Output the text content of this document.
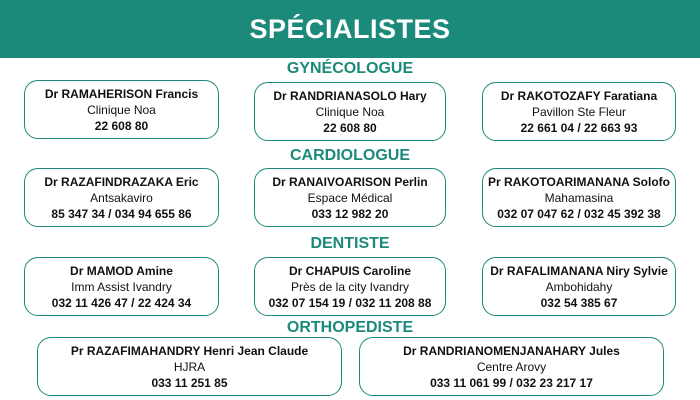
SPÉCIALISTES
GYNÉCOLOGUE
Dr RAMAHERISON Francis
Clinique Noa
22 608 80
Dr RANDRIANASOLO Hary
Clinique Noa
22 608 80
Dr RAKOTOZAFY Faratiana
Pavillon Ste Fleur
22 661 04 / 22 663 93
CARDIOLOGUE
Dr RAZAFINDRAZAKA Eric
Antsakaviro
85 347 34 / 034 94 655 86
Dr RANAIVOARISON Perlin
Espace Médical
033 12 982 20
Pr RAKOTOARIMANANA Solofo
Mahamasina
032 07 047 62 / 032 45 392 38
DENTISTE
Dr MAMOD Amine
Imm Assist Ivandry
032 11 426 47 / 22 424 34
Dr CHAPUIS Caroline
Près de la city Ivandry
032 07 154 19 / 032 11 208 88
Dr RAFALIMANANA Niry Sylvie
Ambohidahy
032 54 385 67
ORTHOPEDISTE
Pr RAZAFIMAHANDRY Henri Jean Claude
HJRA
033 11 251 85
Dr RANDRIANOMENJANAHARY Jules
Centre Arovy
033 11 061 99 / 032 23 217 17
